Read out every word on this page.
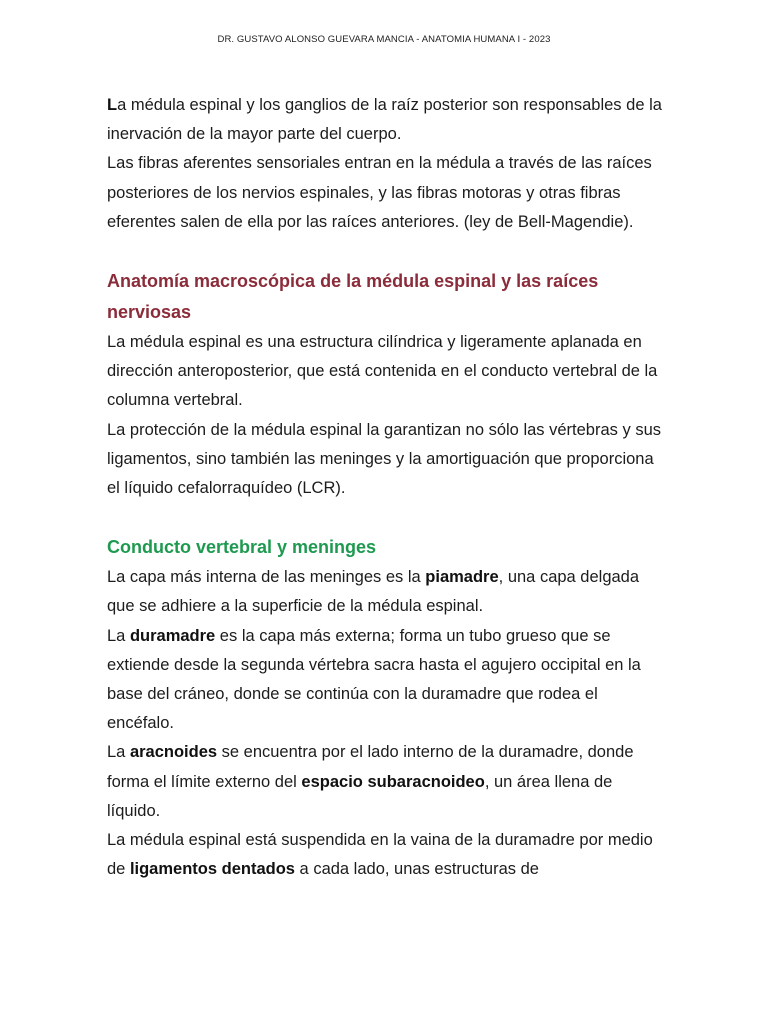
DR. GUSTAVO ALONSO GUEVARA MANCIA - ANATOMIA HUMANA I - 2023

La médula espinal y los ganglios de la raíz posterior son responsables de la inervación de la mayor parte del cuerpo.

Las fibras aferentes sensoriales entran en la médula a través de las raíces posteriores de los nervios espinales, y las fibras motoras y otras fibras eferentes salen de ella por las raíces anteriores. (ley de Bell-Magendie).

Anatomía macroscópica de la médula espinal y las raíces nerviosas

La médula espinal es una estructura cilíndrica y ligeramente aplanada en dirección anteroposterior, que está contenida en el conducto vertebral de la columna vertebral.

La protección de la médula espinal la garantizan no sólo las vértebras y sus ligamentos, sino también las meninges y la amortiguación que proporciona el líquido cefalorraquídeo (LCR).

Conducto vertebral y meninges

La capa más interna de las meninges es la piamadre, una capa delgada que se adhiere a la superficie de la médula espinal.

La duramadre es la capa más externa; forma un tubo grueso que se extiende desde la segunda vértebra sacra hasta el agujero occipital en la base del cráneo, donde se continúa con la duramadre que rodea el encéfalo.

La aracnoides se encuentra por el lado interno de la duramadre, donde forma el límite externo del espacio subaracnoideo, un área llena de líquido.

La médula espinal está suspendida en la vaina de la duramadre por medio de ligamentos dentados a cada lado, unas estructuras de
